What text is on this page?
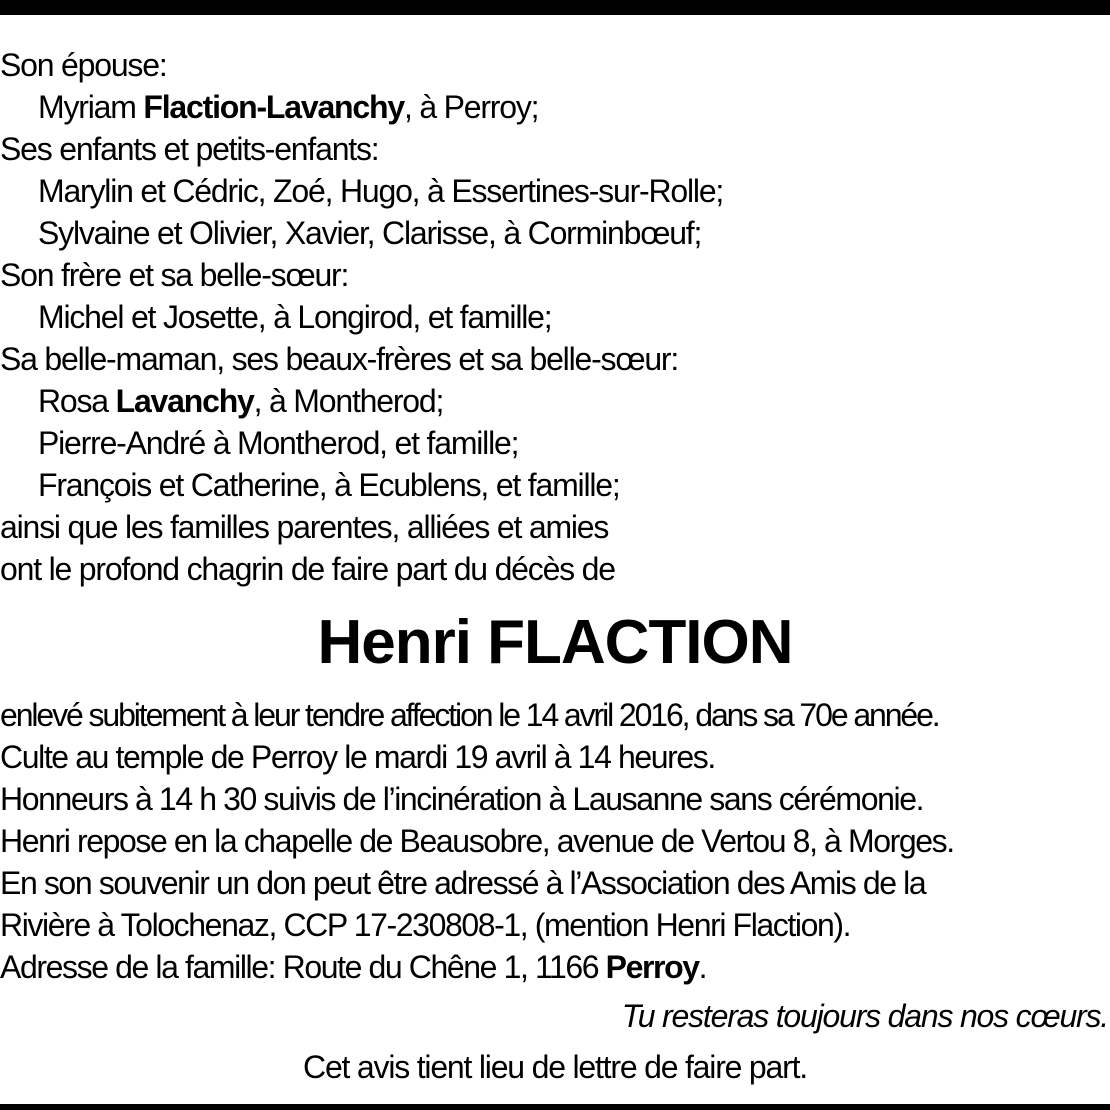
Son épouse:
Myriam Flaction-Lavanchy, à Perroy;
Ses enfants et petits-enfants:
Marylin et Cédric, Zoé, Hugo, à Essertines-sur-Rolle;
Sylvaine et Olivier, Xavier, Clarisse, à Corminbœuf;
Son frère et sa belle-sœur:
Michel et Josette, à Longirod, et famille;
Sa belle-maman, ses beaux-frères et sa belle-sœur:
Rosa Lavanchy, à Montherod;
Pierre-André à Montherod, et famille;
François et Catherine, à Ecublens, et famille;
ainsi que les familles parentes, alliées et amies
ont le profond chagrin de faire part du décès de
Henri FLACTION
enlevé subitement à leur tendre affection le 14 avril 2016, dans sa 70e année.
Culte au temple de Perroy le mardi 19 avril à 14 heures.
Honneurs à 14 h 30 suivis de l’incinération à Lausanne sans cérémonie.
Henri repose en la chapelle de Beausobre, avenue de Vertou 8, à Morges.
En son souvenir un don peut être adressé à l’Association des Amis de la
Rivière à Tolochenaz, CCP 17-230808-1, (mention Henri Flaction).
Adresse de la famille: Route du Chêne 1, 1166 Perroy.
Tu resteras toujours dans nos cœurs.
Cet avis tient lieu de lettre de faire part.
